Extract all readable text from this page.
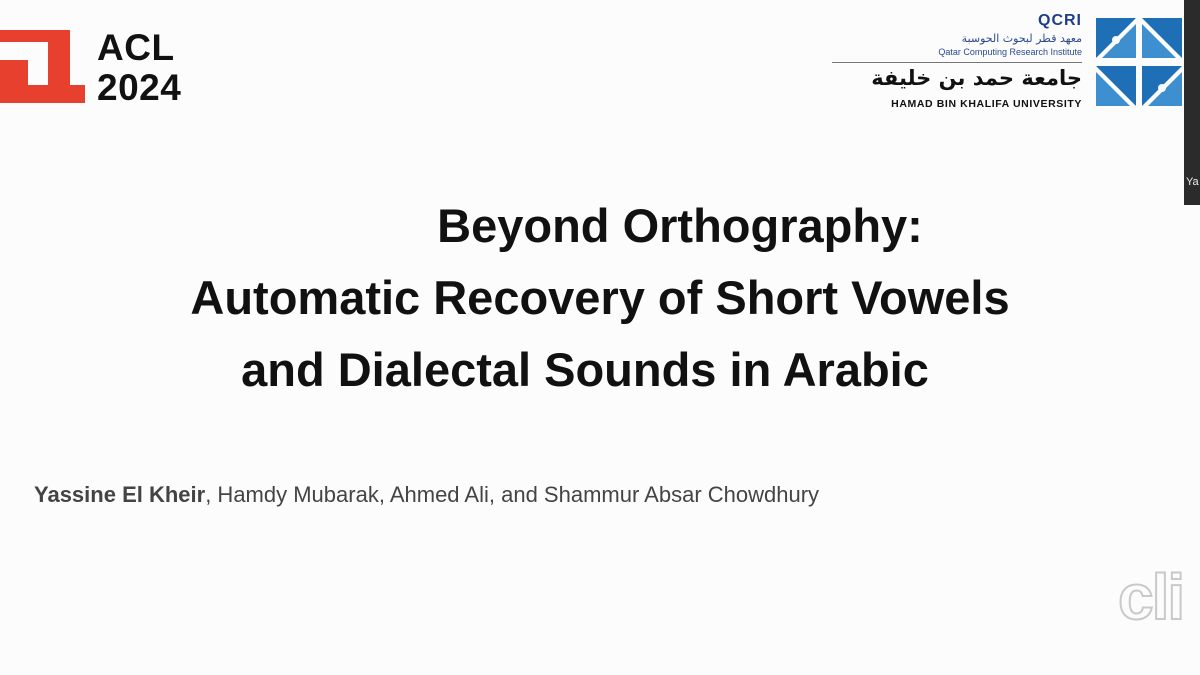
ACL
2024
QCRI
معهد قطر لبحوث الحوسبة
Qatar Computing Research Institute
جامعة حمد بن خليفة
HAMAD BIN KHALIFA UNIVERSITY
Ya
Beyond Orthography:
Automatic Recovery of Short Vowels
and Dialectal Sounds in Arabic
Yassine El Kheir, Hamdy Mubarak, Ahmed Ali, and Shammur Absar Chowdhury
cli
